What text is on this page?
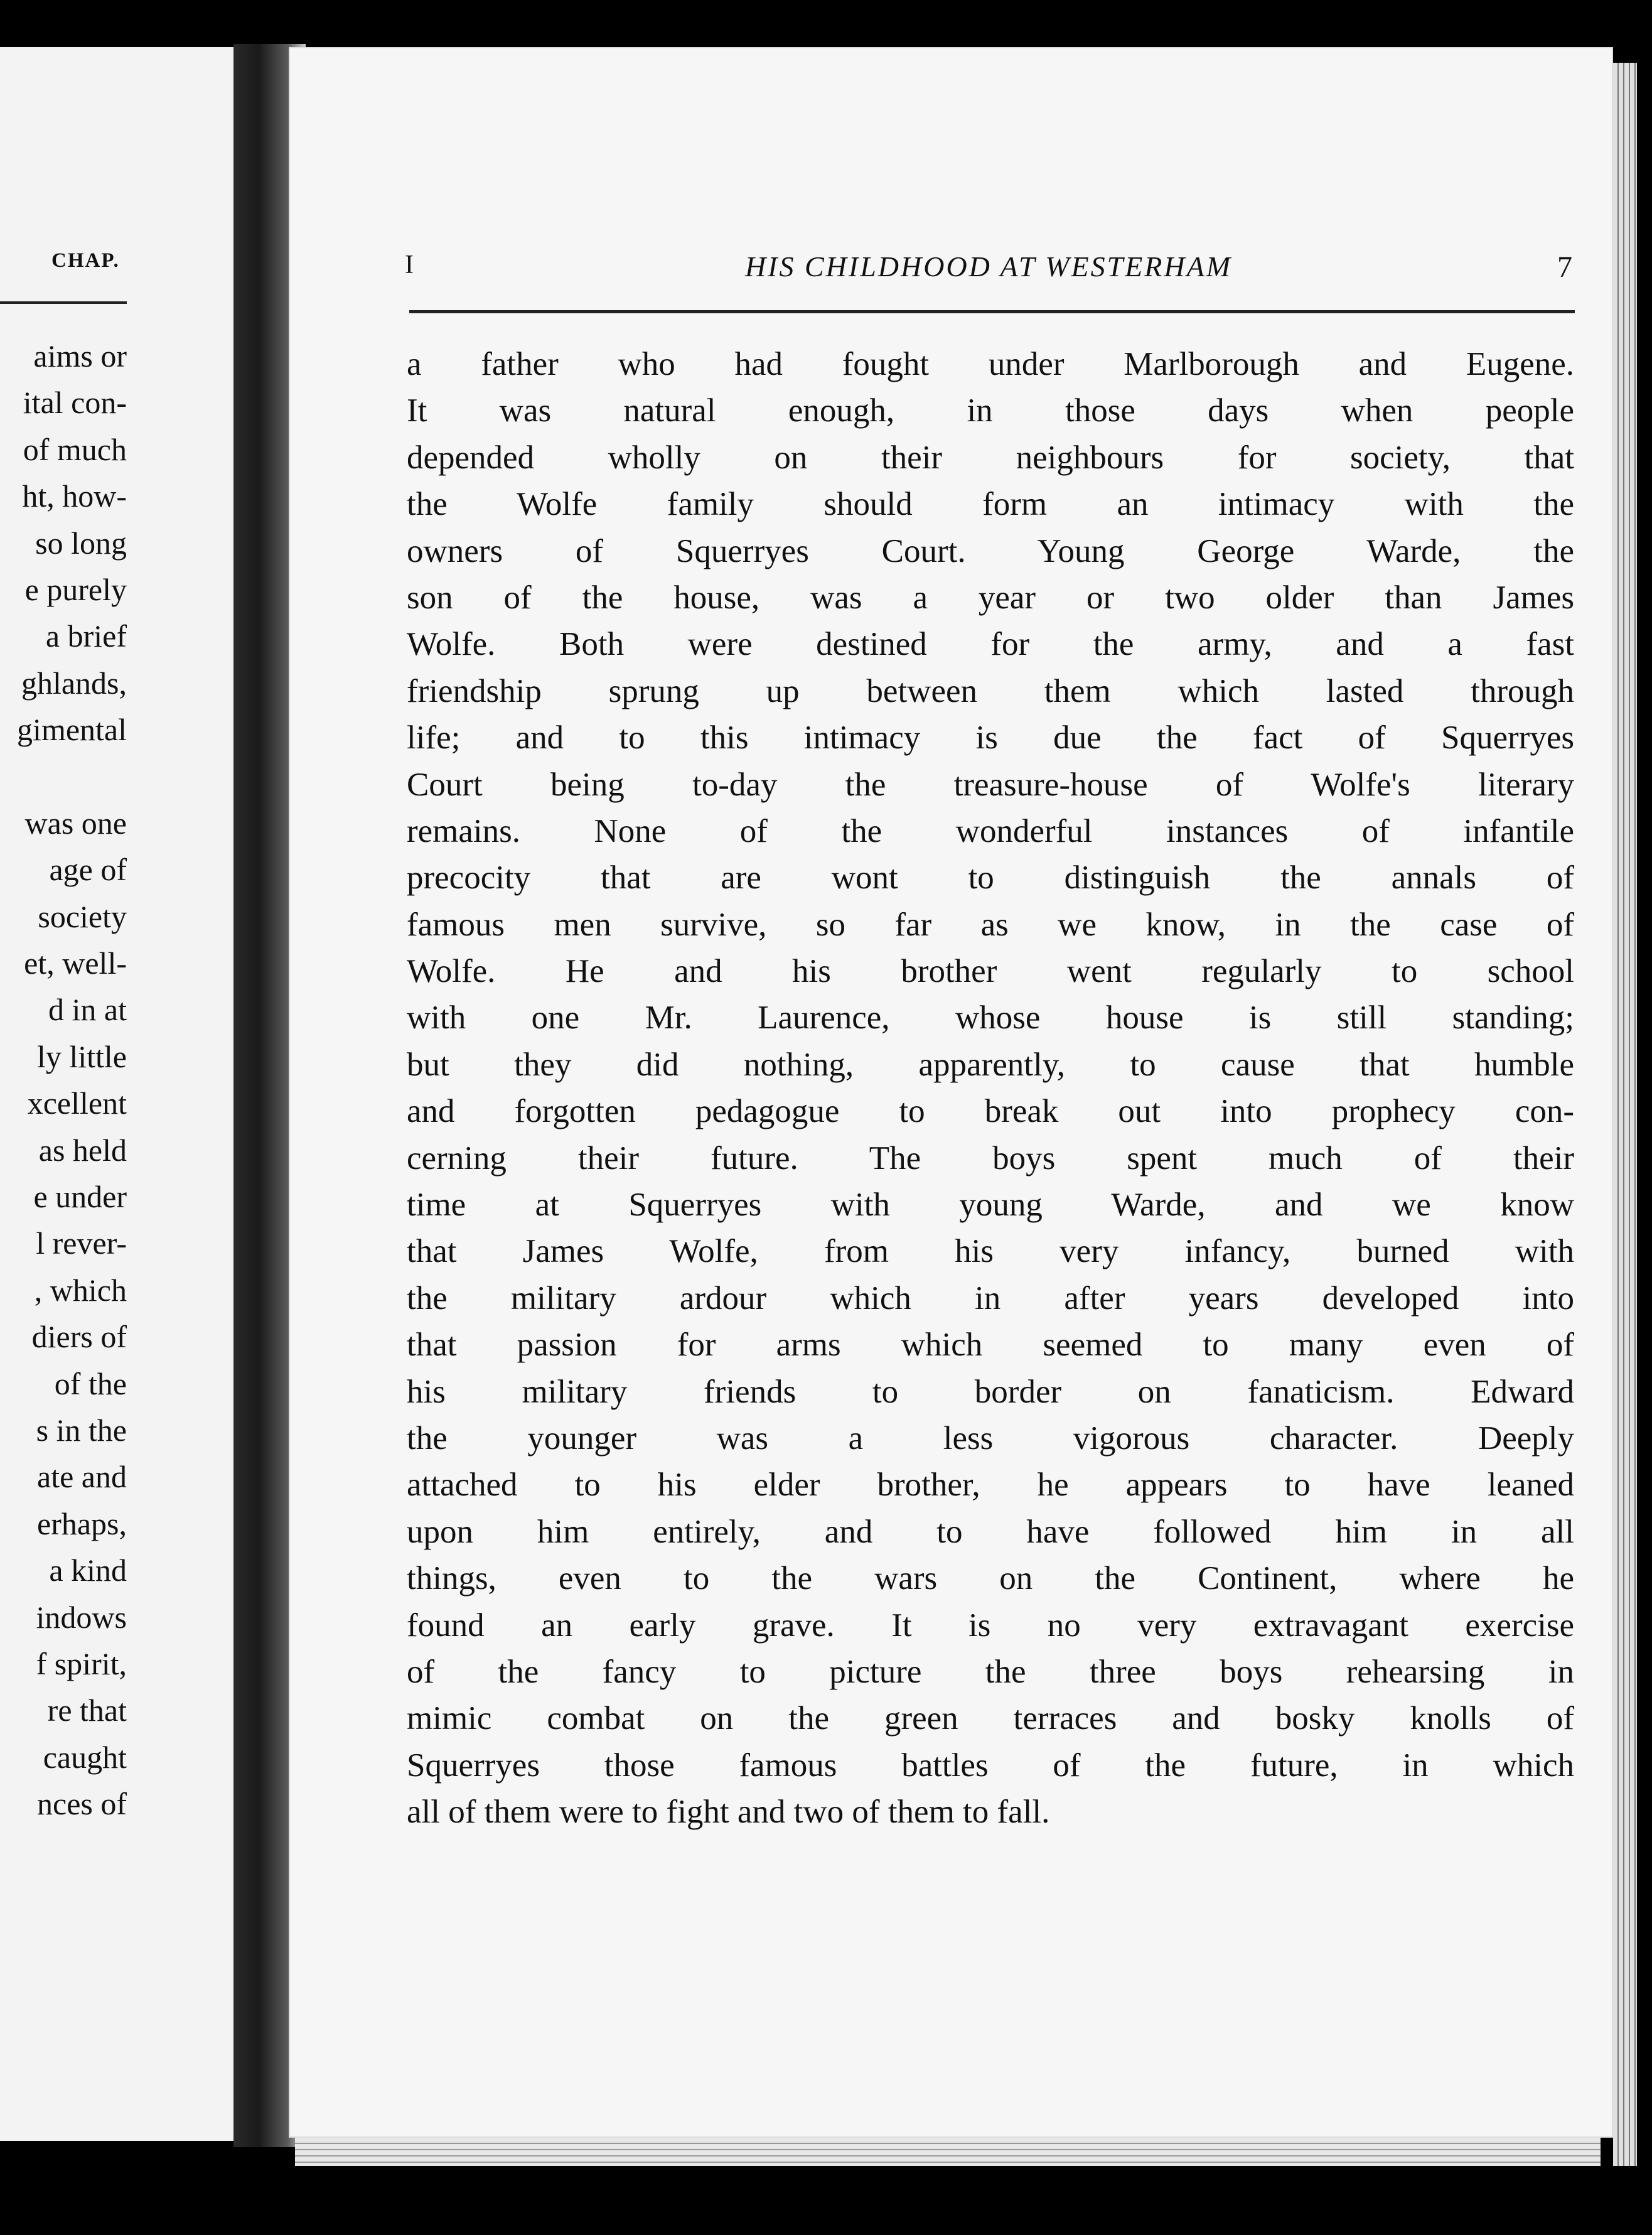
CHAP.
aims or
ital con-
of much
ht, how-
so long
e purely
a brief
ghlands,
gimental
was one
age of
society
et, well-
d in at
ly little
xcellent
as held
e under
l rever-
, which
diers of
of the
s in the
ate and
erhaps,
a kind
indows
f spirit,
re that
caught
nces of
I	HIS CHILDHOOD AT WESTERHAM	7
a father who had fought under Marlborough and Eugene.
It was natural enough, in those days when people
depended wholly on their neighbours for society, that
the Wolfe family should form an intimacy with the
owners of Squerryes Court. Young George Warde, the
son of the house, was a year or two older than James
Wolfe. Both were destined for the army, and a fast
friendship sprung up between them which lasted through
life; and to this intimacy is due the fact of Squerryes
Court being to-day the treasure-house of Wolfe's literary
remains. None of the wonderful instances of infantile
precocity that are wont to distinguish the annals of
famous men survive, so far as we know, in the case of
Wolfe. He and his brother went regularly to school
with one Mr. Laurence, whose house is still standing;
but they did nothing, apparently, to cause that humble
and forgotten pedagogue to break out into prophecy con-
cerning their future. The boys spent much of their
time at Squerryes with young Warde, and we know
that James Wolfe, from his very infancy, burned with
the military ardour which in after years developed into
that passion for arms which seemed to many even of
his military friends to border on fanaticism. Edward
the younger was a less vigorous character. Deeply
attached to his elder brother, he appears to have leaned
upon him entirely, and to have followed him in all
things, even to the wars on the Continent, where he
found an early grave. It is no very extravagant exercise
of the fancy to picture the three boys rehearsing in
mimic combat on the green terraces and bosky knolls of
Squerryes those famous battles of the future, in which
all of them were to fight and two of them to fall.
